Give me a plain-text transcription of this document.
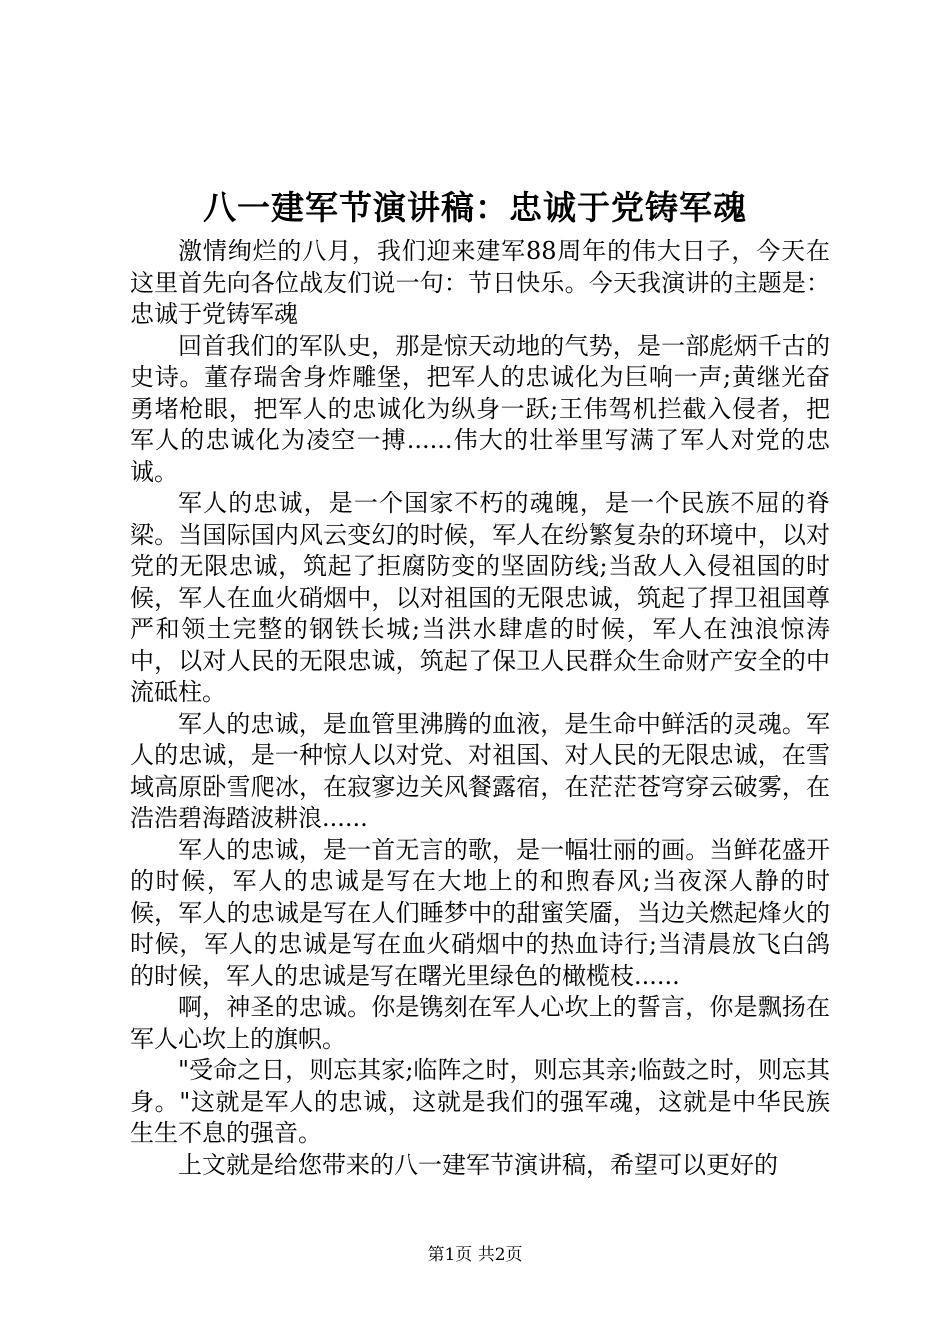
八一建军节演讲稿：忠诚于党铸军魂

激情绚烂的八月，我们迎来建军88周年的伟大日子，今天在这里首先向各位战友们说一句：节日快乐。今天我演讲的主题是：忠诚于党铸军魂

回首我们的军队史，那是惊天动地的气势，是一部彪炳千古的史诗。董存瑞舍身炸雕堡，把军人的忠诚化为巨响一声;黄继光奋勇堵枪眼，把军人的忠诚化为纵身一跃;王伟驾机拦截入侵者，把军人的忠诚化为凌空一搏......伟大的壮举里写满了军人对党的忠诚。

军人的忠诚，是一个国家不朽的魂魄，是一个民族不屈的脊梁。当国际国内风云变幻的时候，军人在纷繁复杂的环境中，以对党的无限忠诚，筑起了拒腐防变的坚固防线;当敌人入侵祖国的时候，军人在血火硝烟中，以对祖国的无限忠诚，筑起了捍卫祖国尊严和领土完整的钢铁长城;当洪水肆虐的时候，军人在浊浪惊涛中，以对人民的无限忠诚，筑起了保卫人民群众生命财产安全的中流砥柱。

军人的忠诚，是血管里沸腾的血液，是生命中鲜活的灵魂。军人的忠诚，是一种惊人以对党、对祖国、对人民的无限忠诚，在雪域高原卧雪爬冰，在寂寥边关风餐露宿，在茫茫苍穹穿云破雾，在浩浩碧海踏波耕浪......

军人的忠诚，是一首无言的歌，是一幅壮丽的画。当鲜花盛开的时候，军人的忠诚是写在大地上的和煦春风;当夜深人静的时候，军人的忠诚是写在人们睡梦中的甜蜜笑靥，当边关燃起烽火的时候，军人的忠诚是写在血火硝烟中的热血诗行;当清晨放飞白鸽的时候，军人的忠诚是写在曙光里绿色的橄榄枝......

啊，神圣的忠诚。你是镌刻在军人心坎上的誓言，你是飘扬在军人心坎上的旗帜。

"受命之日，则忘其家;临阵之时，则忘其亲;临鼓之时，则忘其身。"这就是军人的忠诚，这就是我们的强军魂，这就是中华民族生生不息的强音。

上文就是给您带来的八一建军节演讲稿，希望可以更好的

第1页 共2页
